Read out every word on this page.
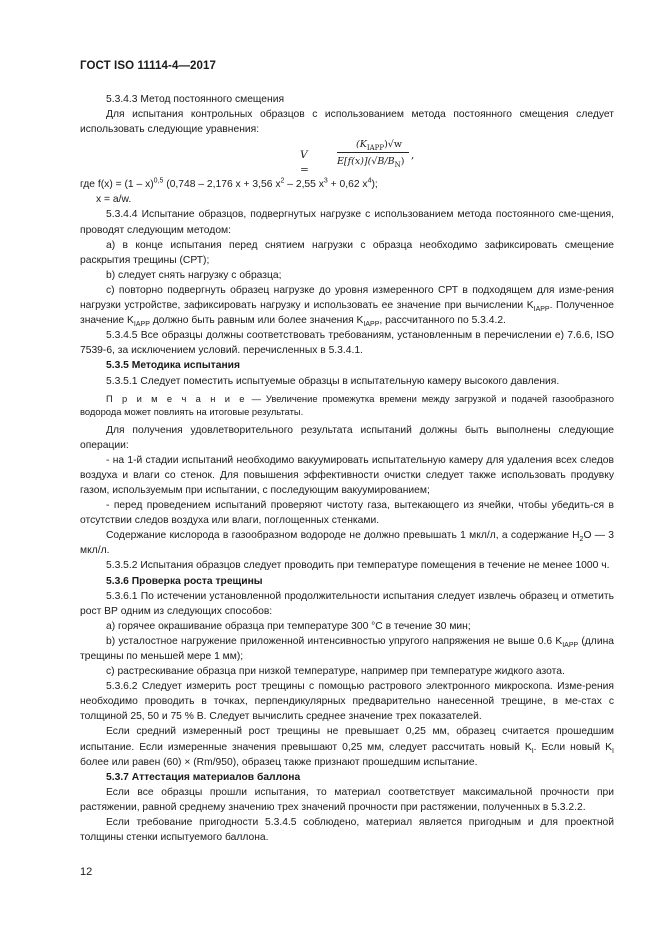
ГОСТ ISO 11114-4—2017

5.3.4.3 Метод постоянного смещения

Для испытания контрольных образцов c использованием метода постоянного смещения следует использовать следующие уравнения:

V =
$(K_{IAPP})√w$
$E[f(x)](√B/B_N)$
,

где f(x) = (1 – x)$^{0,5}$ (0,748 – 2,176 x + 3,56 $x^2 - 2,55$ $x^3 + 0,62$ $x^4$);

x = a/w.

5.3.4.4 Испытание образцов, подвергнутых нагрузке c использованием метода постоянного сме-щения, проводят следующим методом:

a) в конце испытания перед снятием нагрузки c образца необходимо зафиксировать смещение раскрытия трещины (СРТ);

b) следует снять нагрузку c образца;

c) повторно подвергнуть образец нагрузке до уровня измеренного СРТ в подходящем для изме-рения нагрузки устройстве, зафиксировать нагрузку и использовать ее значение при вычислении $K_{IAPP}$. Полученное значение $K_{IAPP}$ должно быть равным или более значения $K_{IAPP}$, рассчитанного по 5.3.4.2.

5.3.4.5 Все образцы должны соответствовать требованиям, установленным в перечислении е) 7.6.6, ISO 7539-6, за исключением условий. перечисленных в 5.3.4.1.

5.3.5 Методика испытания

5.3.5.1 Следует поместить испытуемые образцы в испытательную камеру высокого давления.

П р и м е ч а н и е — Увеличение промежутка времени между загрузкой и подачей газообразного водорода может повлиять на итоговые результаты.

Для получения удовлетворительного результата испытаний должны быть выполнены следующие операции:

- на 1-й стадии испытаний необходимо вакуумировать испытательную камеру для удаления всех следов воздуха и влаги со стенок. Для повышения эффективности очистки следует также использовать продувку газом, используемым при испытании, с последующим вакуумированием;

- перед проведением испытаний проверяют чистоту газа, вытекающего из ячейки, чтобы убедить-ся в отсутствии следов воздуха или влаги, поглощенных стенками.

Содержание кислорода в газообразном водороде не должно превышать 1 мкл/л, а содержание $H_2O$ — 3 мкл/л.

5.3.5.2 Испытания образцов следует проводить при температуре помещения в течение не менее 1000 ч.

5.3.6 Проверка роста трещины

5.3.6.1 По истечении установленной продолжительности испытания следует извлечь образец и отметить рост ВР одним из следующих способов:

a) горячее окрашивание образца при температуре 300 °С в течение 30 мин;

b) усталостное нагружение приложенной интенсивностью упругого напряжения не выше 0.6 $K_{IAPP}$ (длина трещины по меньшей мере 1 мм);

c) растрескивание образца при низкой температуре, например при температуре жидкого азота.

5.3.6.2 Следует измерить рост трещины с помощью растрового электронного микроскопа. Изме-рения необходимо проводить в точках, перпендикулярных предварительно нанесенной трещине, в ме-стах с толщиной 25, 50 и 75 % B. Следует вычислить среднее значение трех показателей.

Если средний измеренный рост трещины не превышает 0,25 мм, образец считается прошедшим испытание. Если измеренные значения превышают 0,25 мм, следует рассчитать новый $K_I$. Если новый $K_I$ более или равен (60) × (Rm/950), образец также признают прошедшим испытание.

5.3.7 Аттестация материалов баллона

Если все образцы прошли испытания, то материал соответствует максимальной прочности при растяжении, равной среднему значению трех значений прочности при растяжении, полученных в 5.3.2.2.

Если требование пригодности 5.3.4.5 соблюдено, материал является пригодным и для проектной толщины стенки испытуемого баллона.

12
